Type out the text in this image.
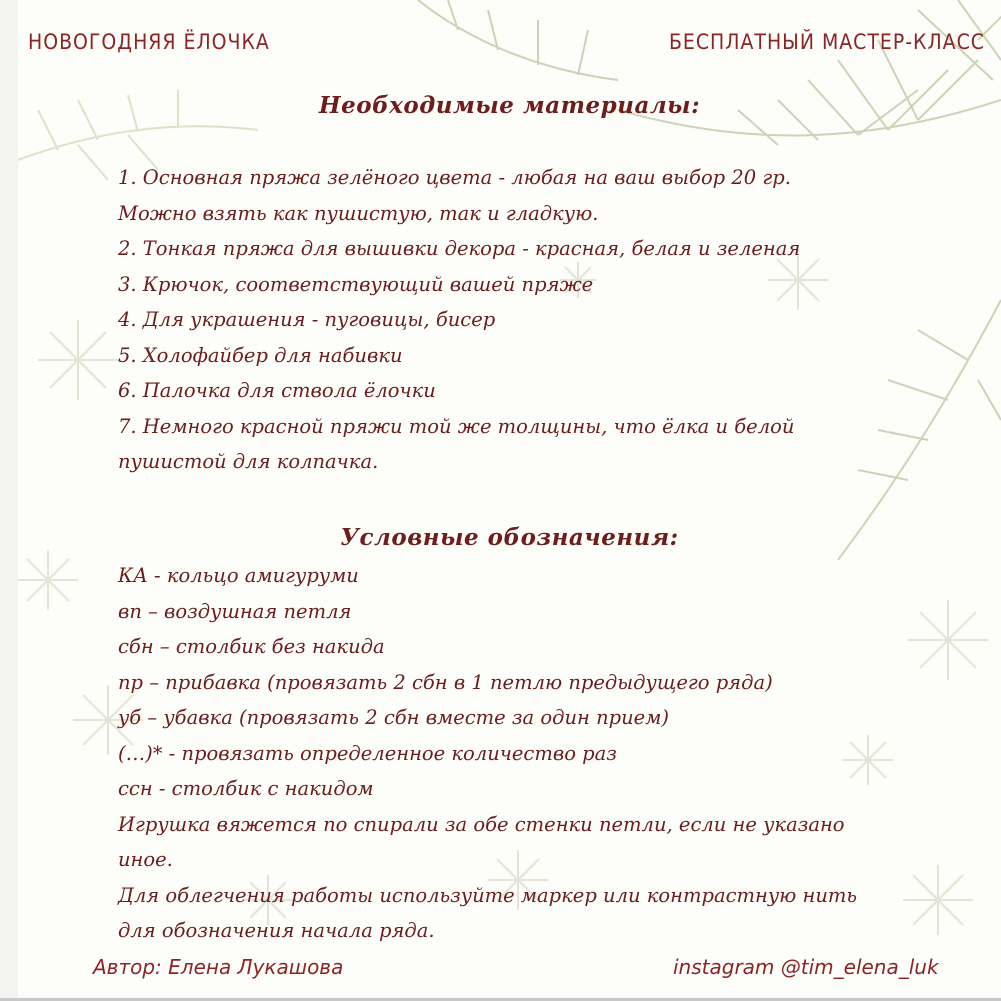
НОВОГОДНЯЯ ЁЛОЧКА	БЕСПЛАТНЫЙ МАСТЕР-КЛАСС
Необходимые материалы:
1. Основная пряжа зелёного цвета - любая на ваш выбор 20 гр.
Можно взять как пушистую, так и гладкую.
2. Тонкая пряжа для вышивки декора - красная, белая и зеленая
3. Крючок, соответствующий вашей пряже
4. Для украшения - пуговицы, бисер
5. Холофайбер для набивки
6. Палочка для ствола ёлочки
7. Немного красной пряжи той же толщины, что ёлка и белой
пушистой для колпачка.
Условные обозначения:
КА - кольцо амигуруми
вп – воздушная петля
сбн – столбик без накида
пр – прибавка (провязать 2 сбн в 1 петлю предыдущего ряда)
уб – убавка (провязать 2 сбн вместе за один прием)
(…)* - провязать определенное количество раз
ссн - столбик с накидом
Игрушка вяжется по спирали за обе стенки петли, если не указано
иное.
Для облегчения работы используйте маркер или контрастную нить
для обозначения начала ряда.
Автор: Елена Лукашова	instagram @tim_elena_luk
